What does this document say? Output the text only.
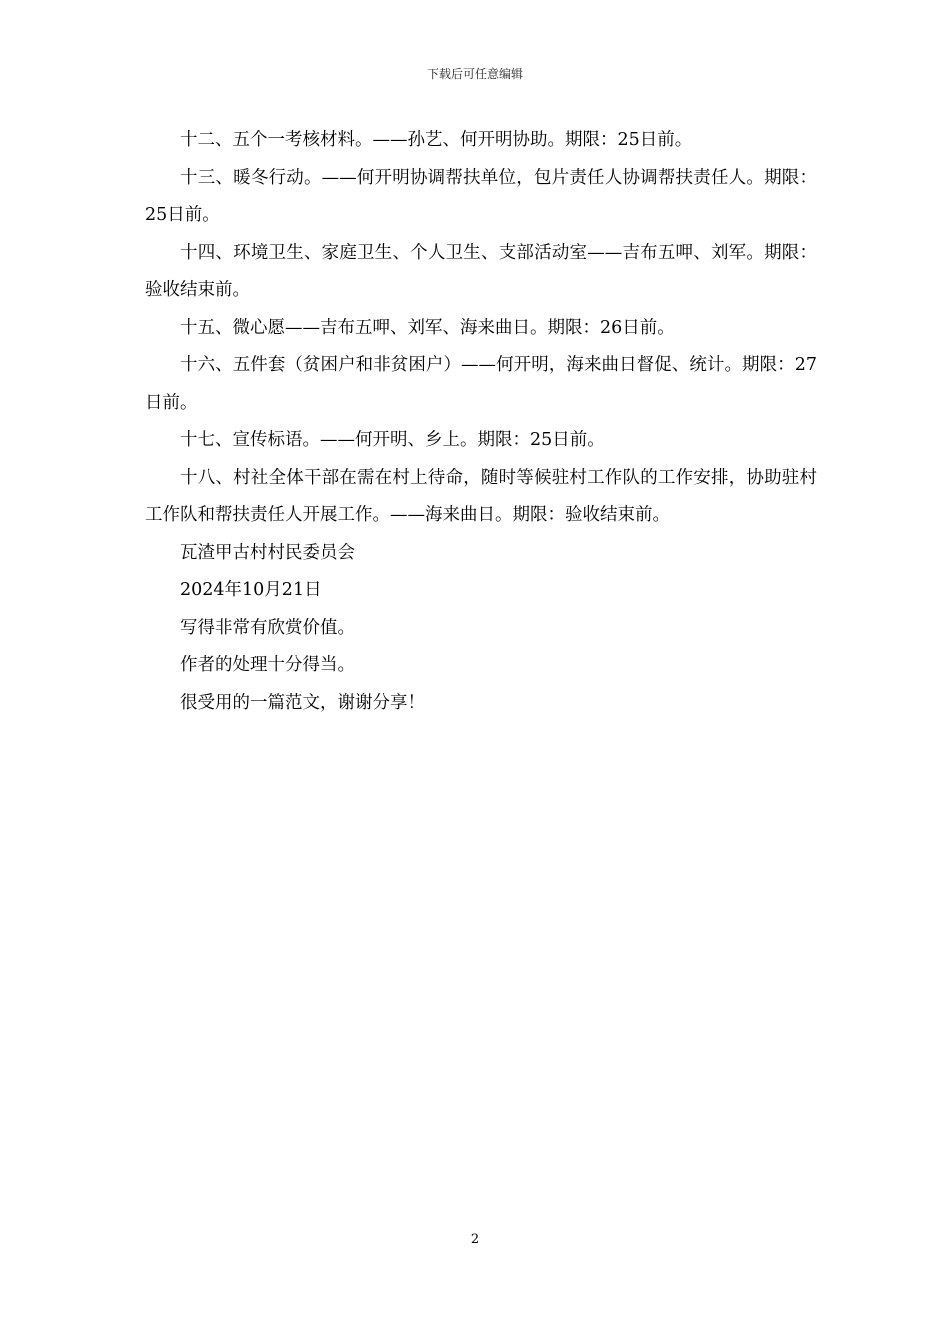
下载后可任意编辑

十二、五个一考核材料。——孙艺、何开明协助。期限：25日前。

十三、暖冬行动。——何开明协调帮扶单位，包片责任人协调帮扶责任人。期限：25日前。

十四、环境卫生、家庭卫生、个人卫生、支部活动室——吉布五呷、刘军。期限：验收结束前。

十五、微心愿——吉布五呷、刘军、海来曲日。期限：26日前。

十六、五件套（贫困户和非贫困户）——何开明，海来曲日督促、统计。期限：27日前。

十七、宣传标语。——何开明、乡上。期限：25日前。

十八、村社全体干部在需在村上待命，随时等候驻村工作队的工作安排，协助驻村工作队和帮扶责任人开展工作。——海来曲日。期限：验收结束前。

瓦渣甲古村村民委员会

2024年10月21日

写得非常有欣赏价值。

作者的处理十分得当。

很受用的一篇范文，谢谢分享！

2
